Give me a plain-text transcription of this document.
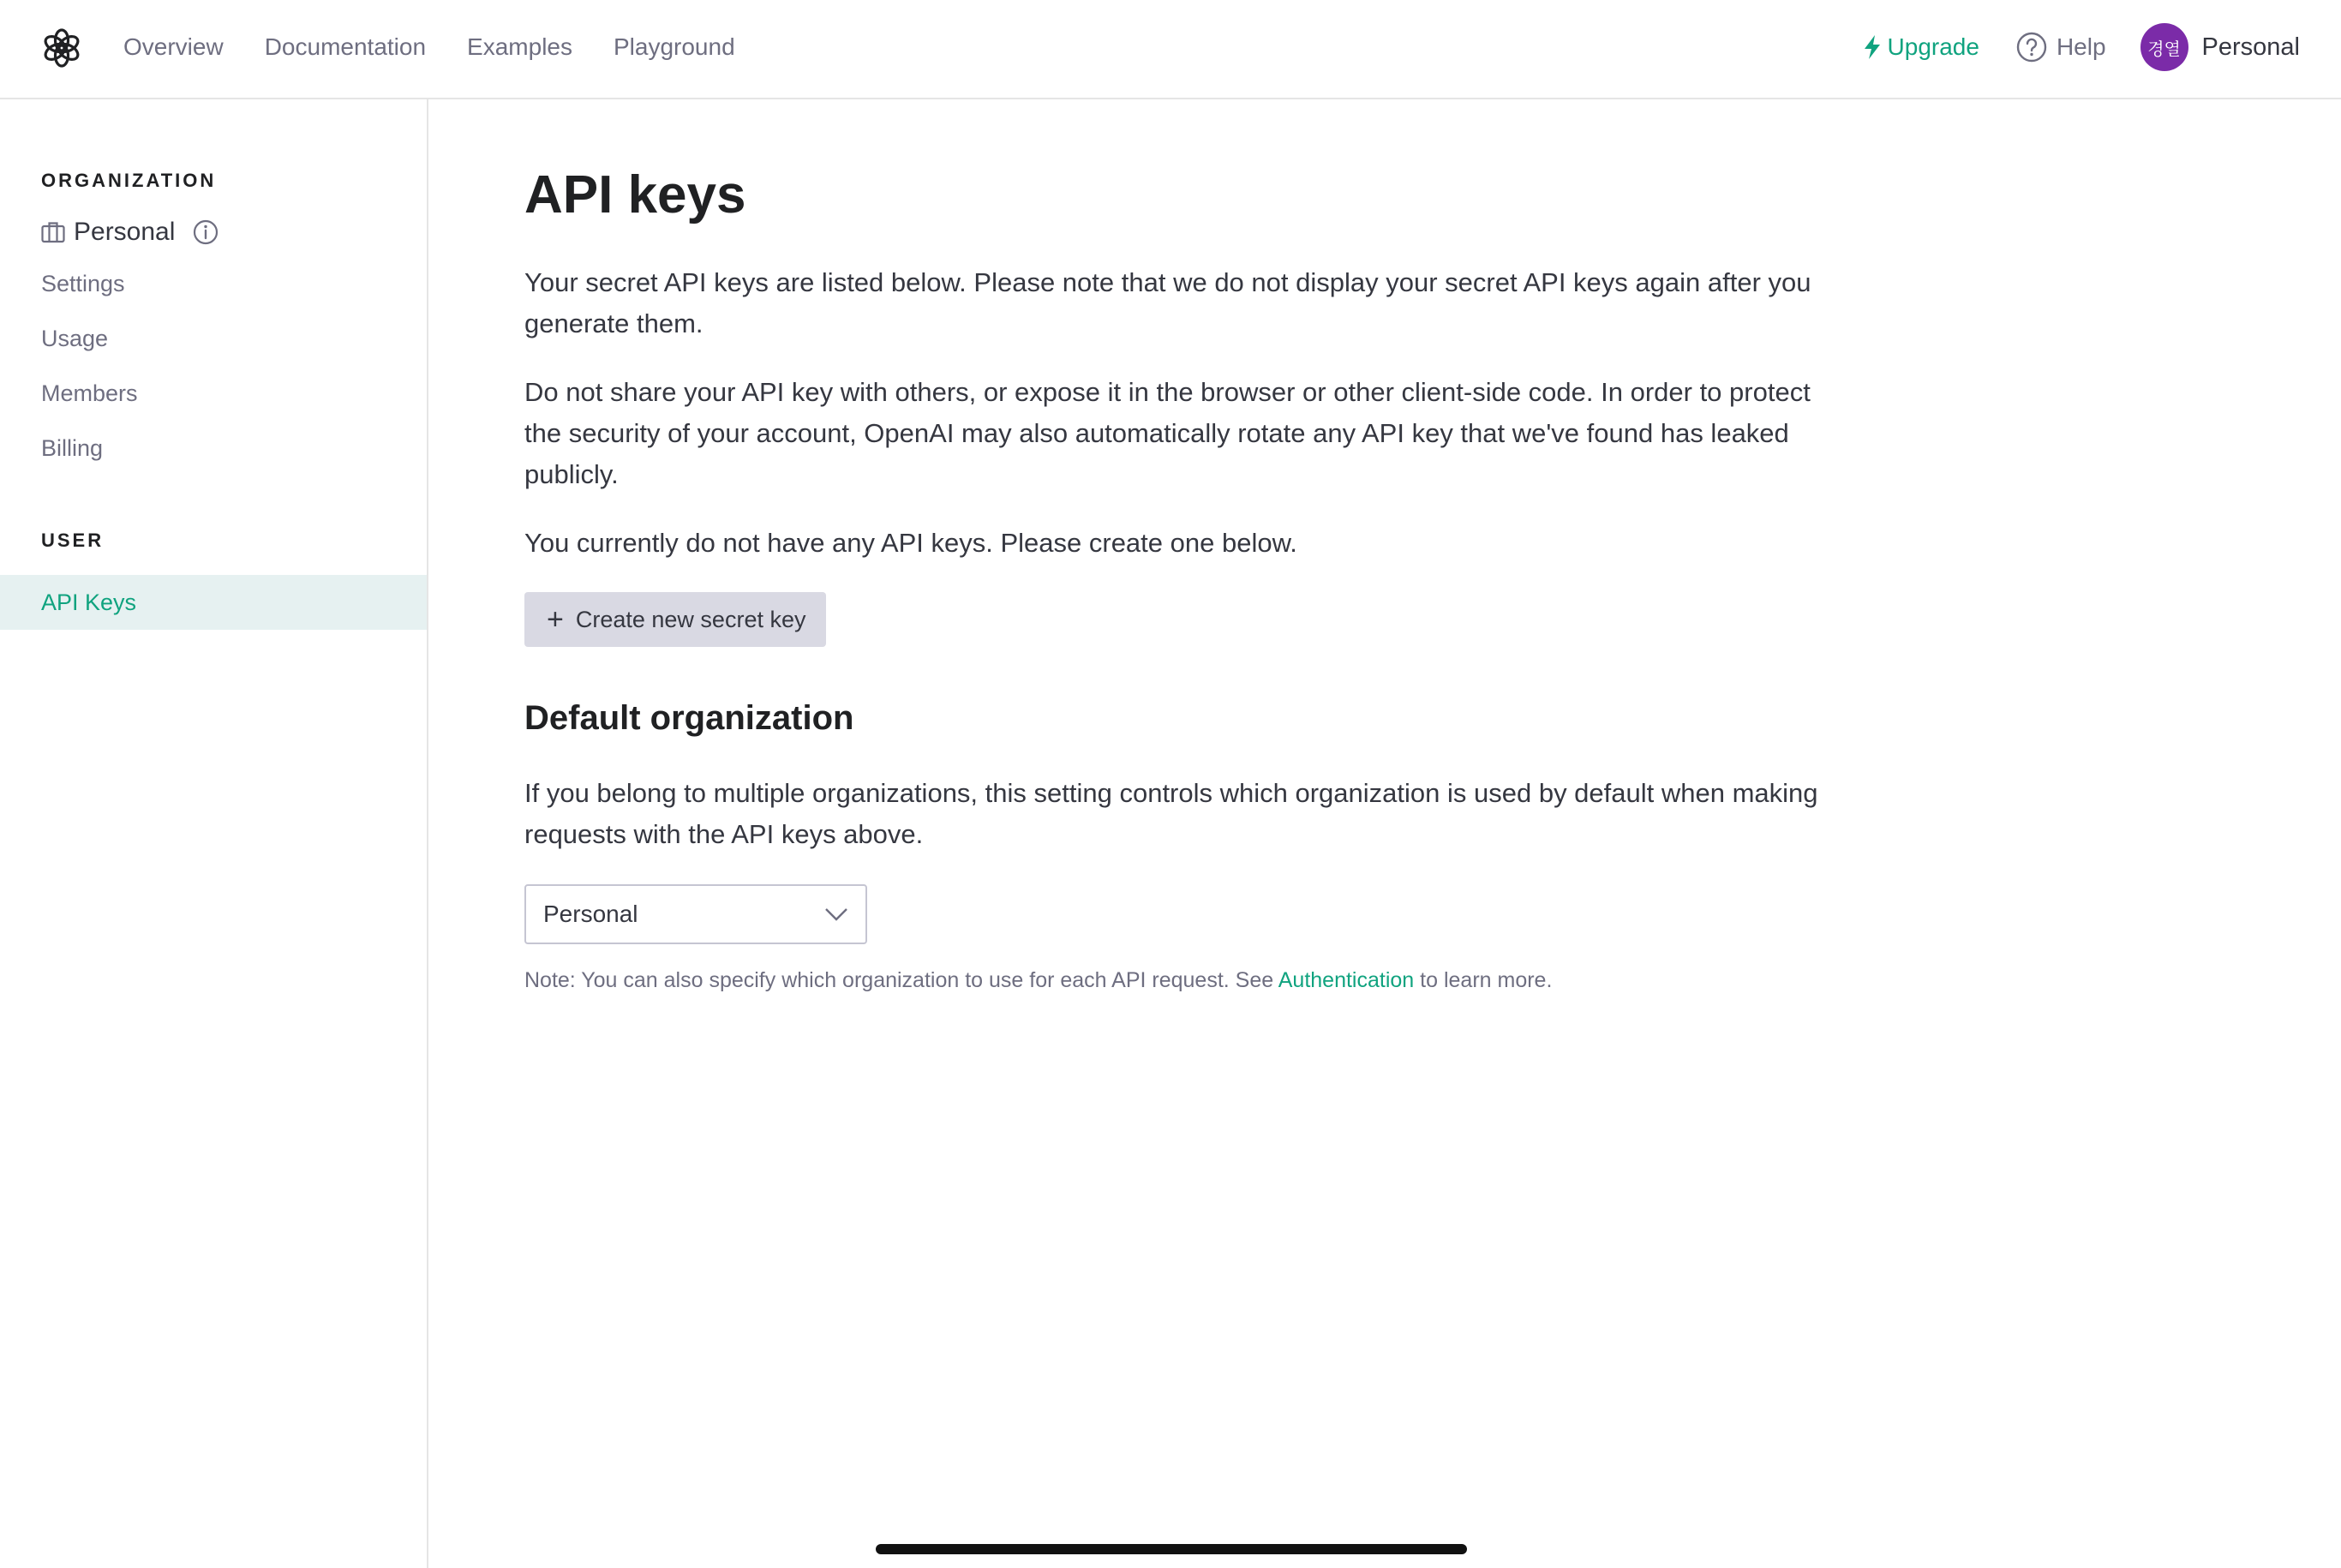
Overview Documentation Examples Playground	Upgrade	Help	경열 Personal
ORGANIZATION
Personal
Settings
Usage
Members
Billing
USER
API Keys
API keys

Your secret API keys are listed below. Please note that we do not display your secret API keys again after you generate them.

Do not share your API key with others, or expose it in the browser or other client-side code. In order to protect the security of your account, OpenAI may also automatically rotate any API key that we've found has leaked publicly.

You currently do not have any API keys. Please create one below.

+ Create new secret key
Default organization

If you belong to multiple organizations, this setting controls which organization is used by default when making requests with the API keys above.

Personal

Note: You can also specify which organization to use for each API request. See Authentication to learn more.
